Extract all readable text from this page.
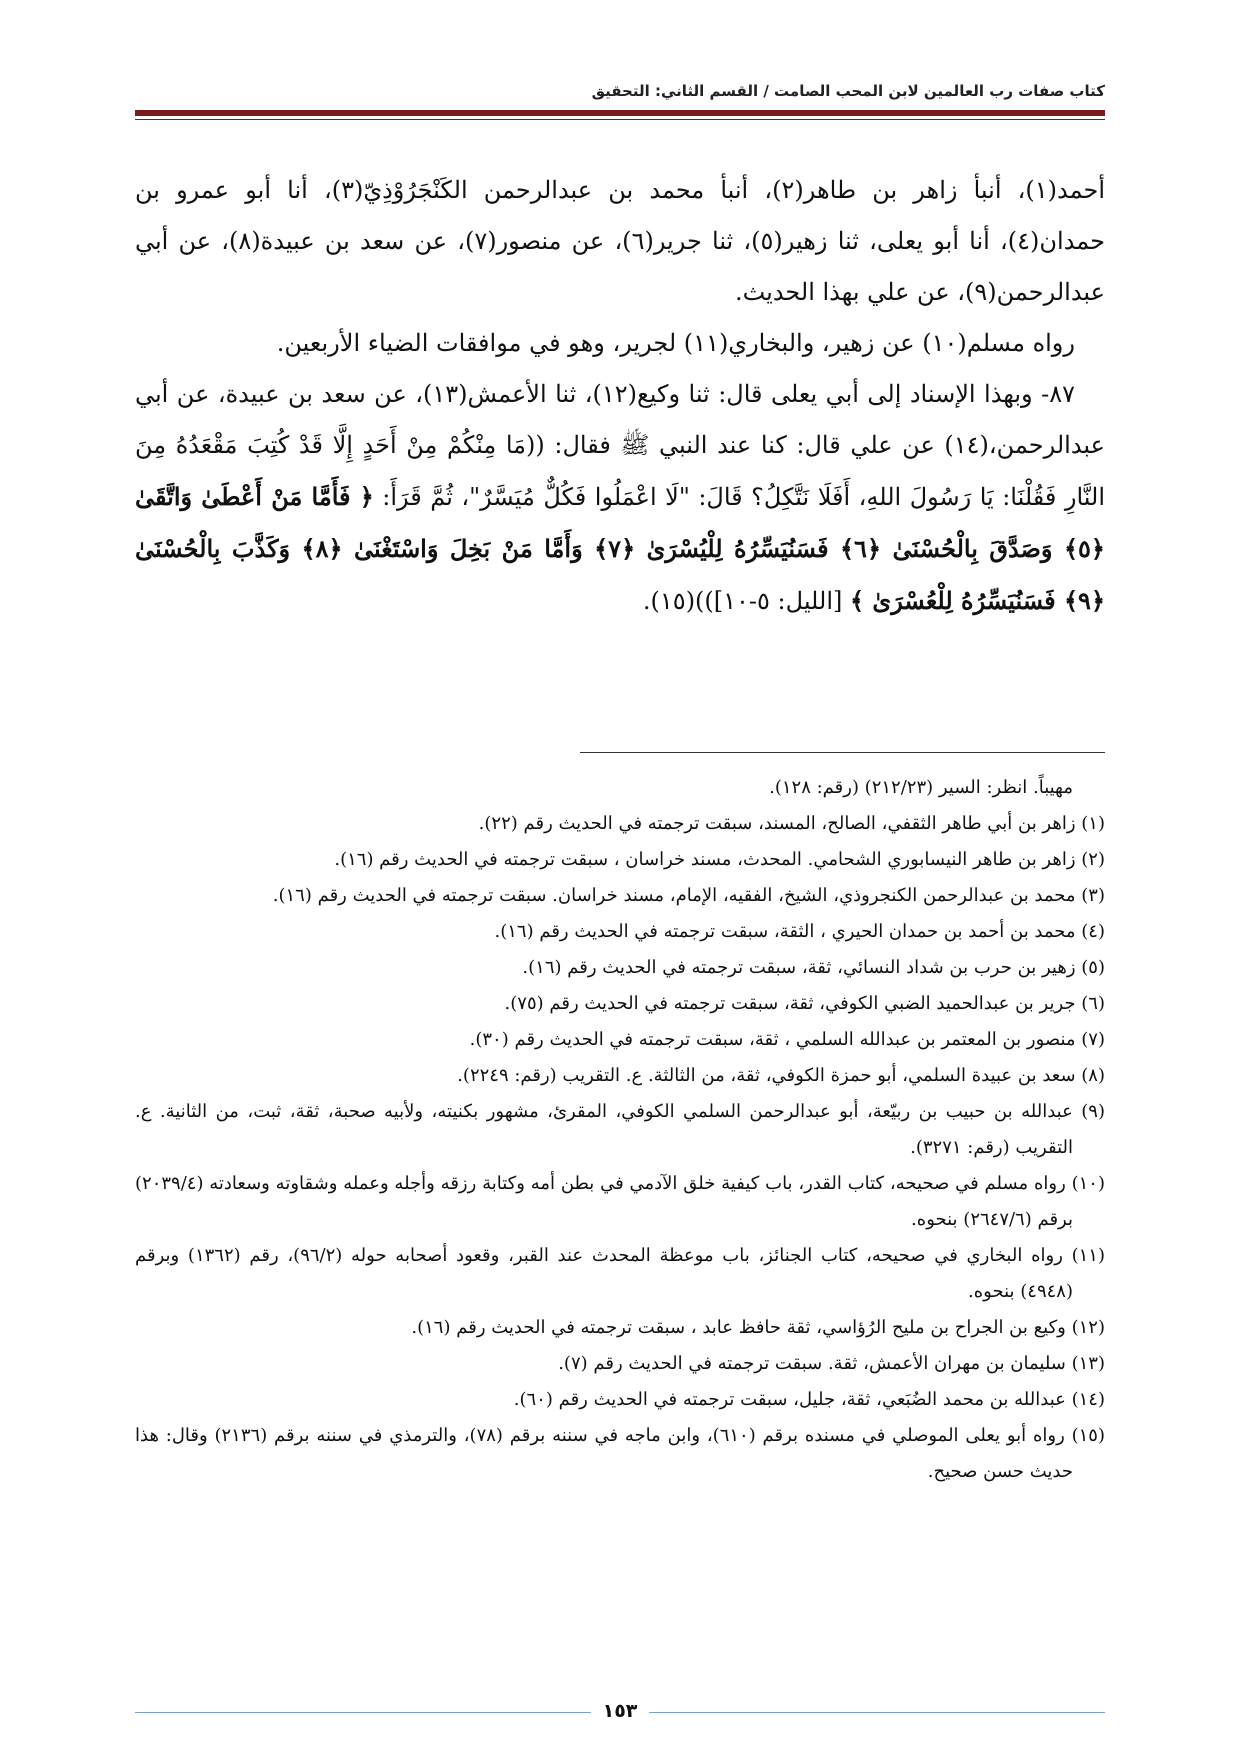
كتاب صفات رب العالمين لابن المحب الصامت / القسم الثاني: التحقيق

أحمد(١)، أنبأ زاهر بن طاهر(٢)، أنبأ محمد بن عبدالرحمن الكَنْجَرُوْذِيّ(٣)، أنا أبو عمرو بن حمدان(٤)، أنا أبو يعلى، ثنا زهير(٥)، ثنا جرير(٦)، عن منصور(٧)، عن سعد بن عبيدة(٨)، عن أبي عبدالرحمن(٩)، عن علي بهذا الحديث.

رواه مسلم(١٠) عن زهير، والبخاري(١١) لجرير، وهو في موافقات الضياء الأربعين.

٨٧- وبهذا الإسناد إلى أبي يعلى قال: ثنا وكيع(١٢)، ثنا الأعمش(١٣)، عن سعد بن عبيدة، عن أبي عبدالرحمن،(١٤) عن علي قال: كنا عند النبي ﷺ فقال: ((مَا مِنْكُمْ مِنْ أَحَدٍ إِلَّا قَدْ كُتِبَ مَقْعَدُهُ مِنَ النَّارِ فَقُلْنَا: يَا رَسُولَ اللهِ، أَفَلَا نَتَّكِلُ؟ قَالَ: "لَا اعْمَلُوا فَكُلٌّ مُيَسَّرٌ"، ثُمَّ قَرَأَ: ﴿ فَأَمَّا مَنْ أَعْطَىٰ وَاتَّقَىٰ ﴿٥﴾ وَصَدَّقَ بِالْحُسْنَىٰ ﴿٦﴾ فَسَنُيَسِّرُهُ لِلْيُسْرَىٰ ﴿٧﴾ وَأَمَّا مَنْ بَخِلَ وَاسْتَغْنَىٰ ﴿٨﴾ وَكَذَّبَ بِالْحُسْنَىٰ ﴿٩﴾ فَسَنُيَسِّرُهُ لِلْعُسْرَىٰ ﴾ [الليل: ٥-١٠]))(١٥).

مهيباً. انظر: السير (٢١٢/٢٣) (رقم: ١٢٨).

(١) زاهر بن أبي طاهر الثقفي، الصالح، المسند، سبقت ترجمته في الحديث رقم (٢٢).

(٢) زاهر بن طاهر النيسابوري الشحامي. المحدث، مسند خراسان ، سبقت ترجمته في الحديث رقم (١٦).

(٣) محمد بن عبدالرحمن الكنجروذي، الشيخ، الفقيه، الإمام، مسند خراسان. سبقت ترجمته في الحديث رقم (١٦).

(٤) محمد بن أحمد بن حمدان الحيري ، الثقة، سبقت ترجمته في الحديث رقم (١٦).

(٥) زهير بن حرب بن شداد النسائي، ثقة، سبقت ترجمته في الحديث رقم (١٦).

(٦) جرير بن عبدالحميد الضبي الكوفي، ثقة، سبقت ترجمته في الحديث رقم (٧٥).

(٧) منصور بن المعتمر بن عبدالله السلمي ، ثقة، سبقت ترجمته في الحديث رقم (٣٠).

(٨) سعد بن عبيدة السلمي، أبو حمزة الكوفي، ثقة، من الثالثة. ع. التقريب (رقم: ٢٢٤٩).

(٩) عبدالله بن حبيب بن ربيّعة، أبو عبدالرحمن السلمي الكوفي، المقرئ، مشهور بكنيته، ولأبيه صحبة، ثقة، ثبت، من الثانية. ع. التقريب (رقم: ٣٢٧١).

(١٠) رواه مسلم في صحيحه، كتاب القدر، باب كيفية خلق الآدمي في بطن أمه وكتابة رزقه وأجله وعمله وشقاوته وسعادته (٢٠٣٩/٤) برقم (٢٦٤٧/٦) بنحوه.

(١١) رواه البخاري في صحيحه، كتاب الجنائز، باب موعظة المحدث عند القبر، وقعود أصحابه حوله (٩٦/٢)، رقم (١٣٦٢) وبرقم (٤٩٤٨) بنحوه.

(١٢) وكيع بن الجراح بن مليح الرُؤاسي، ثقة حافظ عابد ، سبقت ترجمته في الحديث رقم (١٦).

(١٣) سليمان بن مهران الأعمش، ثقة. سبقت ترجمته في الحديث رقم (٧).

(١٤) عبدالله بن محمد الضُبَعي، ثقة، جليل، سبقت ترجمته في الحديث رقم (٦٠).

(١٥) رواه أبو يعلى الموصلي في مسنده برقم (٦١٠)، وابن ماجه في سننه برقم (٧٨)، والترمذي في سننه برقم (٢١٣٦) وقال: هذا حديث حسن صحيح.

١٥٣
